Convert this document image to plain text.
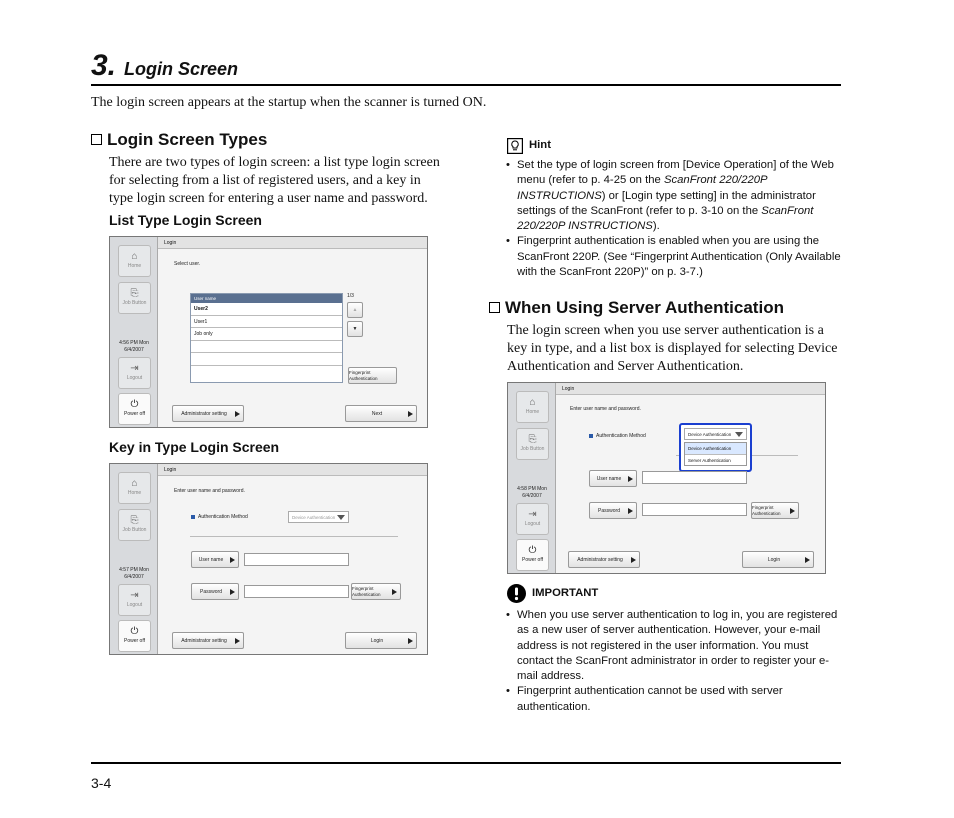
3. Login Screen
The login screen appears at the startup when the scanner is turned ON.
Login Screen Types
There are two types of login screen: a list type login screen for selecting from a list of registered users, and a key in type login screen for entering a user name and password.
List Type Login Screen
⌂
Home
⎘
Job Button
4:56 PM Mon
6/4/2007
⇥
Logout
⏻
Power off
Login
Select user.
User name
User2
User1
Job only
1/3
▲
▼
Fingerprint Authentication
Administrator setting	Next
Key in Type Login Screen
⌂
Home
⎘
Job Button
4:57 PM Mon
6/4/2007
⇥
Logout
⏻
Power off
Login
Enter user name and password.
Authentication Method	Device Authentication
User name
Password
Fingerprint Authentication
Administrator setting	Login
Hint
• Set the type of login screen from [Device Operation] of the Web menu (refer to p. 4-25 on the ScanFront 220/220P INSTRUCTIONS) or [Login type setting] in the administrator settings of the ScanFront (refer to p. 3-10 on the ScanFront 220/220P INSTRUCTIONS).
• Fingerprint authentication is enabled when you are using the ScanFront 220P. (See “Fingerprint Authentication (Only Available with the ScanFront 220P)” on p. 3-7.)
When Using Server Authentication
The login screen when you use server authentication is a key in type, and a list box is displayed for selecting Device Authentication and Server Authentication.
⌂
Home
⎘
Job Button
4:58 PM Mon
6/4/2007
⇥
Logout
⏻
Power off
Login
Enter user name and password.
Authentication Method	Device Authentication
Device Authentication
Server Authentication
User name
Password
Fingerprint Authentication
Administrator setting	Login
IMPORTANT
• When you use server authentication to log in, you are registered as a new user of server authentication. However, your e-mail address is not registered in the user information. You must contact the ScanFront administrator in order to register your e-mail address.
• Fingerprint authentication cannot be used with server authentication.
3-4
